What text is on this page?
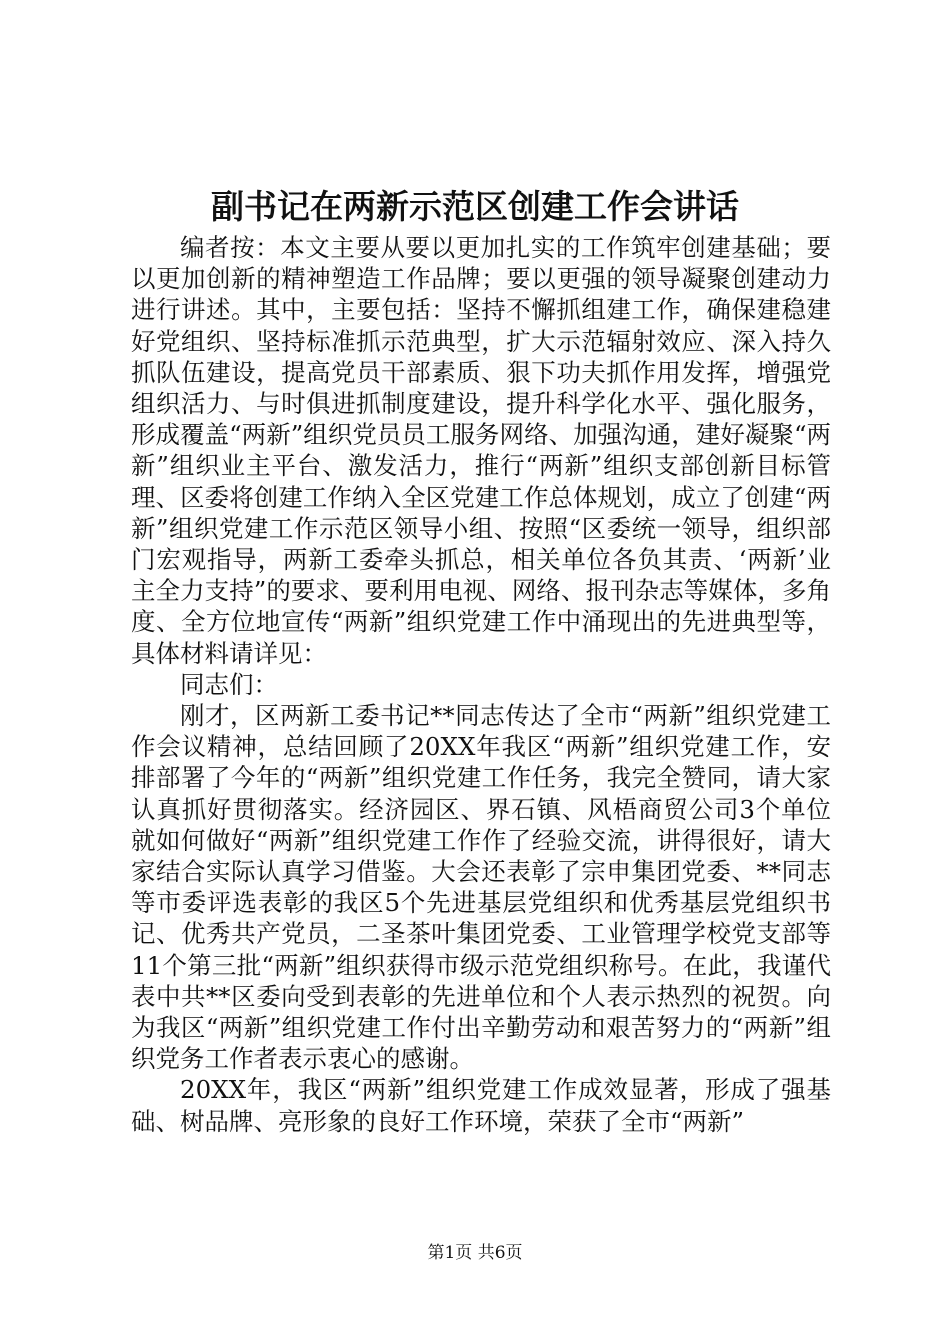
副书记在两新示范区创建工作会讲话

编者按：本文主要从要以更加扎实的工作筑牢创建基础；要以更加创新的精神塑造工作品牌；要以更强的领导凝聚创建动力进行讲述。其中，主要包括：坚持不懈抓组建工作，确保建稳建好党组织、坚持标准抓示范典型，扩大示范辐射效应、深入持久抓队伍建设，提高党员干部素质、狠下功夫抓作用发挥，增强党组织活力、与时俱进抓制度建设，提升科学化水平、强化服务，形成覆盖“两新”组织党员员工服务网络、加强沟通，建好凝聚“两新”组织业主平台、激发活力，推行“两新”组织支部创新目标管理、区委将创建工作纳入全区党建工作总体规划，成立了创建“两新”组织党建工作示范区领导小组、按照“区委统一领导，组织部门宏观指导，两新工委牵头抓总，相关单位各负其责、‘两新’业主全力支持”的要求、要利用电视、网络、报刊杂志等媒体，多角度、全方位地宣传“两新”组织党建工作中涌现出的先进典型等，具体材料请详见：

同志们：

刚才，区两新工委书记**同志传达了全市“两新”组织党建工作会议精神，总结回顾了20XX年我区“两新”组织党建工作，安排部署了今年的“两新”组织党建工作任务，我完全赞同，请大家认真抓好贯彻落实。经济园区、界石镇、风梧商贸公司3个单位就如何做好“两新”组织党建工作作了经验交流，讲得很好，请大家结合实际认真学习借鉴。大会还表彰了宗申集团党委、**同志等市委评选表彰的我区5个先进基层党组织和优秀基层党组织书记、优秀共产党员，二圣茶叶集团党委、工业管理学校党支部等11个第三批“两新”组织获得市级示范党组织称号。在此，我谨代表中共**区委向受到表彰的先进单位和个人表示热烈的祝贺。向为我区“两新”组织党建工作付出辛勤劳动和艰苦努力的“两新”组织党务工作者表示衷心的感谢。

20XX年，我区“两新”组织党建工作成效显著，形成了强基础、树品牌、亮形象的良好工作环境，荣获了全市“两新”

第1页 共6页
